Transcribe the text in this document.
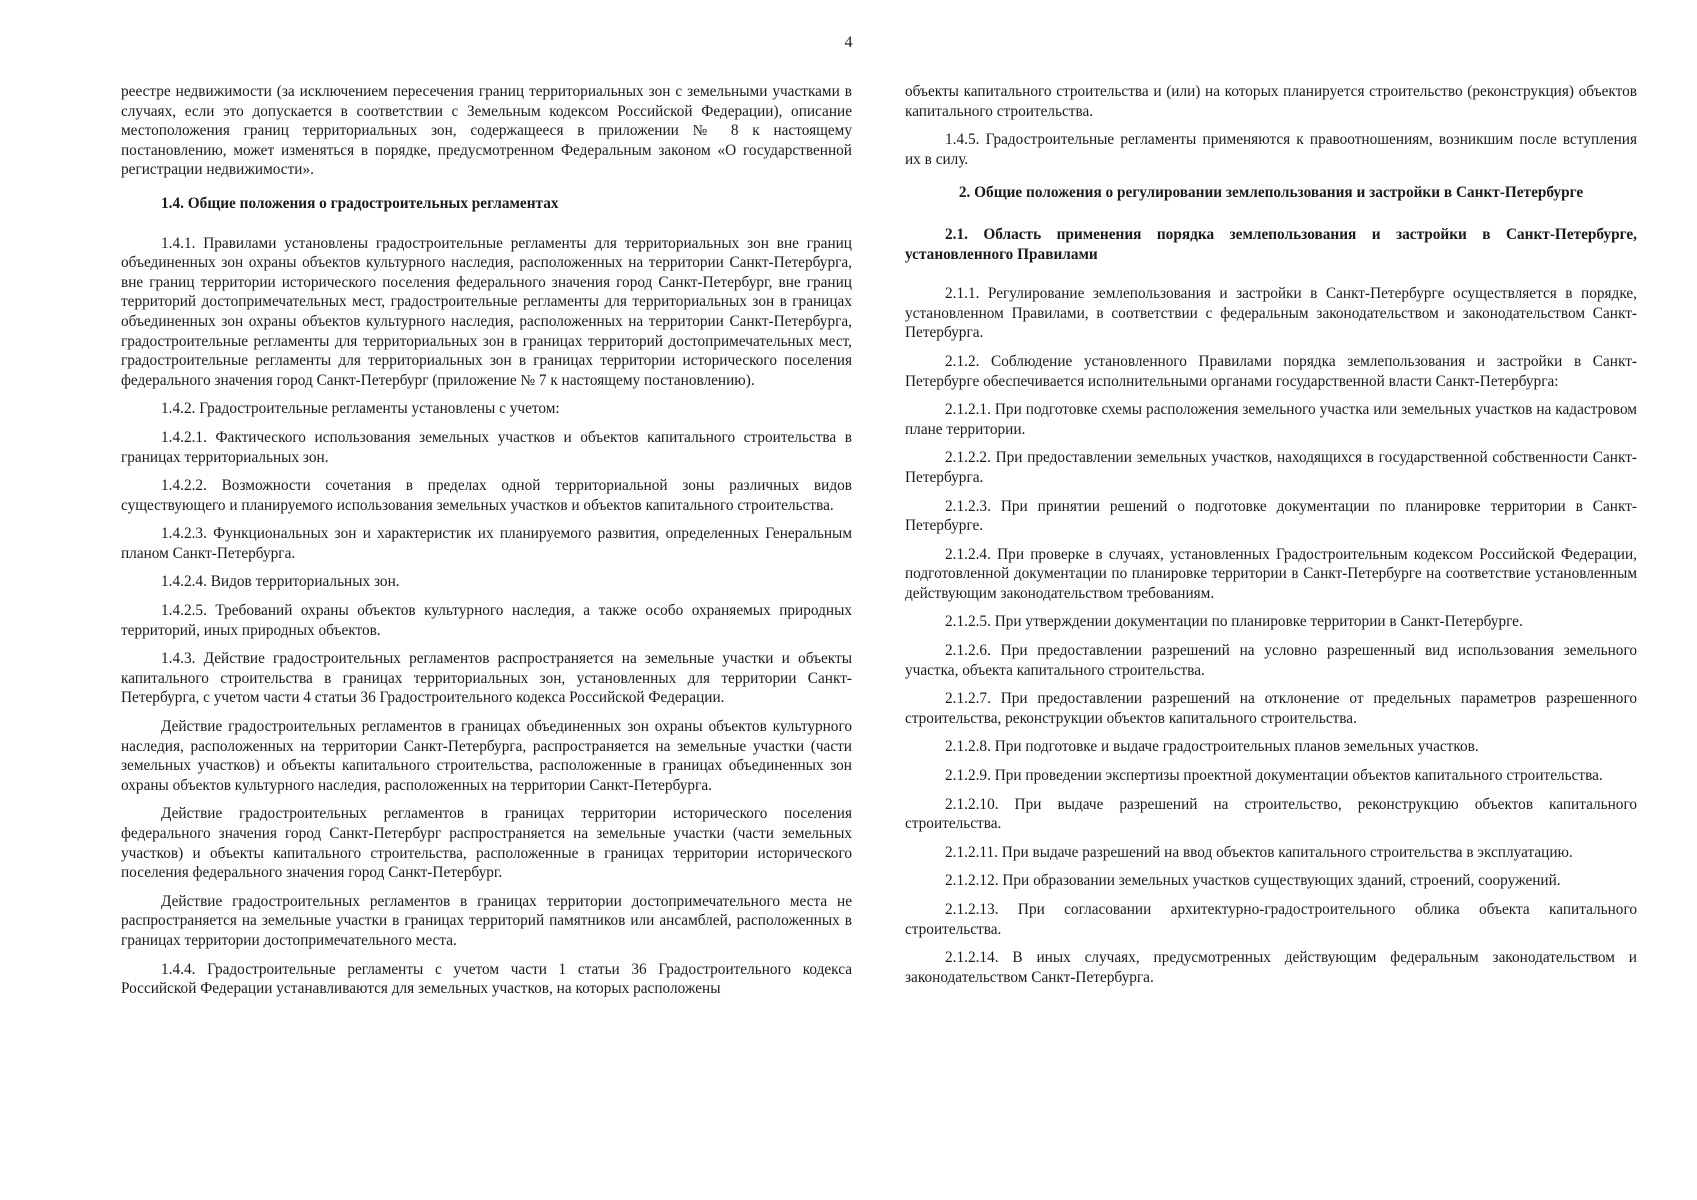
4

реестре недвижимости (за исключением пересечения границ территориальных зон с земельными участками в случаях, если это допускается в соответствии с Земельным кодексом Российской Федерации), описание местоположения границ территориальных зон, содержащееся в приложении № 8 к настоящему постановлению, может изменяться в порядке, предусмотренном Федеральным законом «О государственной регистрации недвижимости».

1.4. Общие положения о градостроительных регламентах

1.4.1. Правилами установлены градостроительные регламенты для территориальных зон вне границ объединенных зон охраны объектов культурного наследия, расположенных на территории Санкт-Петербурга, вне границ территории исторического поселения федерального значения город Санкт-Петербург, вне границ территорий достопримечательных мест, градостроительные регламенты для территориальных зон в границах объединенных зон охраны объектов культурного наследия, расположенных на территории Санкт-Петербурга, градостроительные регламенты для территориальных зон в границах территорий достопримечательных мест, градостроительные регламенты для территориальных зон в границах территории исторического поселения федерального значения город Санкт-Петербург (приложение № 7 к настоящему постановлению).

1.4.2. Градостроительные регламенты установлены с учетом:

1.4.2.1. Фактического использования земельных участков и объектов капитального строительства в границах территориальных зон.

1.4.2.2. Возможности сочетания в пределах одной территориальной зоны различных видов существующего и планируемого использования земельных участков и объектов капитального строительства.

1.4.2.3. Функциональных зон и характеристик их планируемого развития, определенных Генеральным планом Санкт-Петербурга.

1.4.2.4. Видов территориальных зон.

1.4.2.5. Требований охраны объектов культурного наследия, а также особо охраняемых природных территорий, иных природных объектов.

1.4.3. Действие градостроительных регламентов распространяется на земельные участки и объекты капитального строительства в границах территориальных зон, установленных для территории Санкт-Петербурга, с учетом части 4 статьи 36 Градостроительного кодекса Российской Федерации.

Действие градостроительных регламентов в границах объединенных зон охраны объектов культурного наследия, расположенных на территории Санкт-Петербурга, распространяется на земельные участки (части земельных участков) и объекты капитального строительства, расположенные в границах объединенных зон охраны объектов культурного наследия, расположенных на территории Санкт-Петербурга.

Действие градостроительных регламентов в границах территории исторического поселения федерального значения город Санкт-Петербург распространяется на земельные участки (части земельных участков) и объекты капитального строительства, расположенные в границах территории исторического поселения федерального значения город Санкт-Петербург.

Действие градостроительных регламентов в границах территории достопримечательного места не распространяется на земельные участки в границах территорий памятников или ансамблей, расположенных в границах территории достопримечательного места.

1.4.4. Градостроительные регламенты с учетом части 1 статьи 36 Градостроительного кодекса Российской Федерации устанавливаются для земельных участков, на которых расположены

объекты капитального строительства и (или) на которых планируется строительство (реконструкция) объектов капитального строительства.

1.4.5. Градостроительные регламенты применяются к правоотношениям, возникшим после вступления их в силу.

2. Общие положения о регулировании землепользования и застройки в Санкт-Петербурге
2.1. Область применения порядка землепользования и застройки в Санкт-Петербурге, установленного Правилами

2.1.1. Регулирование землепользования и застройки в Санкт-Петербурге осуществляется в порядке, установленном Правилами, в соответствии с федеральным законодательством и законодательством Санкт-Петербурга.

2.1.2. Соблюдение установленного Правилами порядка землепользования и застройки в Санкт-Петербурге обеспечивается исполнительными органами государственной власти Санкт-Петербурга:

2.1.2.1. При подготовке схемы расположения земельного участка или земельных участков на кадастровом плане территории.

2.1.2.2. При предоставлении земельных участков, находящихся в государственной собственности Санкт-Петербурга.

2.1.2.3. При принятии решений о подготовке документации по планировке территории в Санкт-Петербурге.

2.1.2.4. При проверке в случаях, установленных Градостроительным кодексом Российской Федерации, подготовленной документации по планировке территории в Санкт-Петербурге на соответствие установленным действующим законодательством требованиям.

2.1.2.5. При утверждении документации по планировке территории в Санкт-Петербурге.

2.1.2.6. При предоставлении разрешений на условно разрешенный вид использования земельного участка, объекта капитального строительства.

2.1.2.7. При предоставлении разрешений на отклонение от предельных параметров разрешенного строительства, реконструкции объектов капитального строительства.

2.1.2.8. При подготовке и выдаче градостроительных планов земельных участков.

2.1.2.9. При проведении экспертизы проектной документации объектов капитального строительства.

2.1.2.10. При выдаче разрешений на строительство, реконструкцию объектов капитального строительства.

2.1.2.11. При выдаче разрешений на ввод объектов капитального строительства в эксплуатацию.

2.1.2.12. При образовании земельных участков существующих зданий, строений, сооружений.

2.1.2.13. При согласовании архитектурно-градостроительного облика объекта капитального строительства.

2.1.2.14. В иных случаях, предусмотренных действующим федеральным законодательством и законодательством Санкт-Петербурга.
